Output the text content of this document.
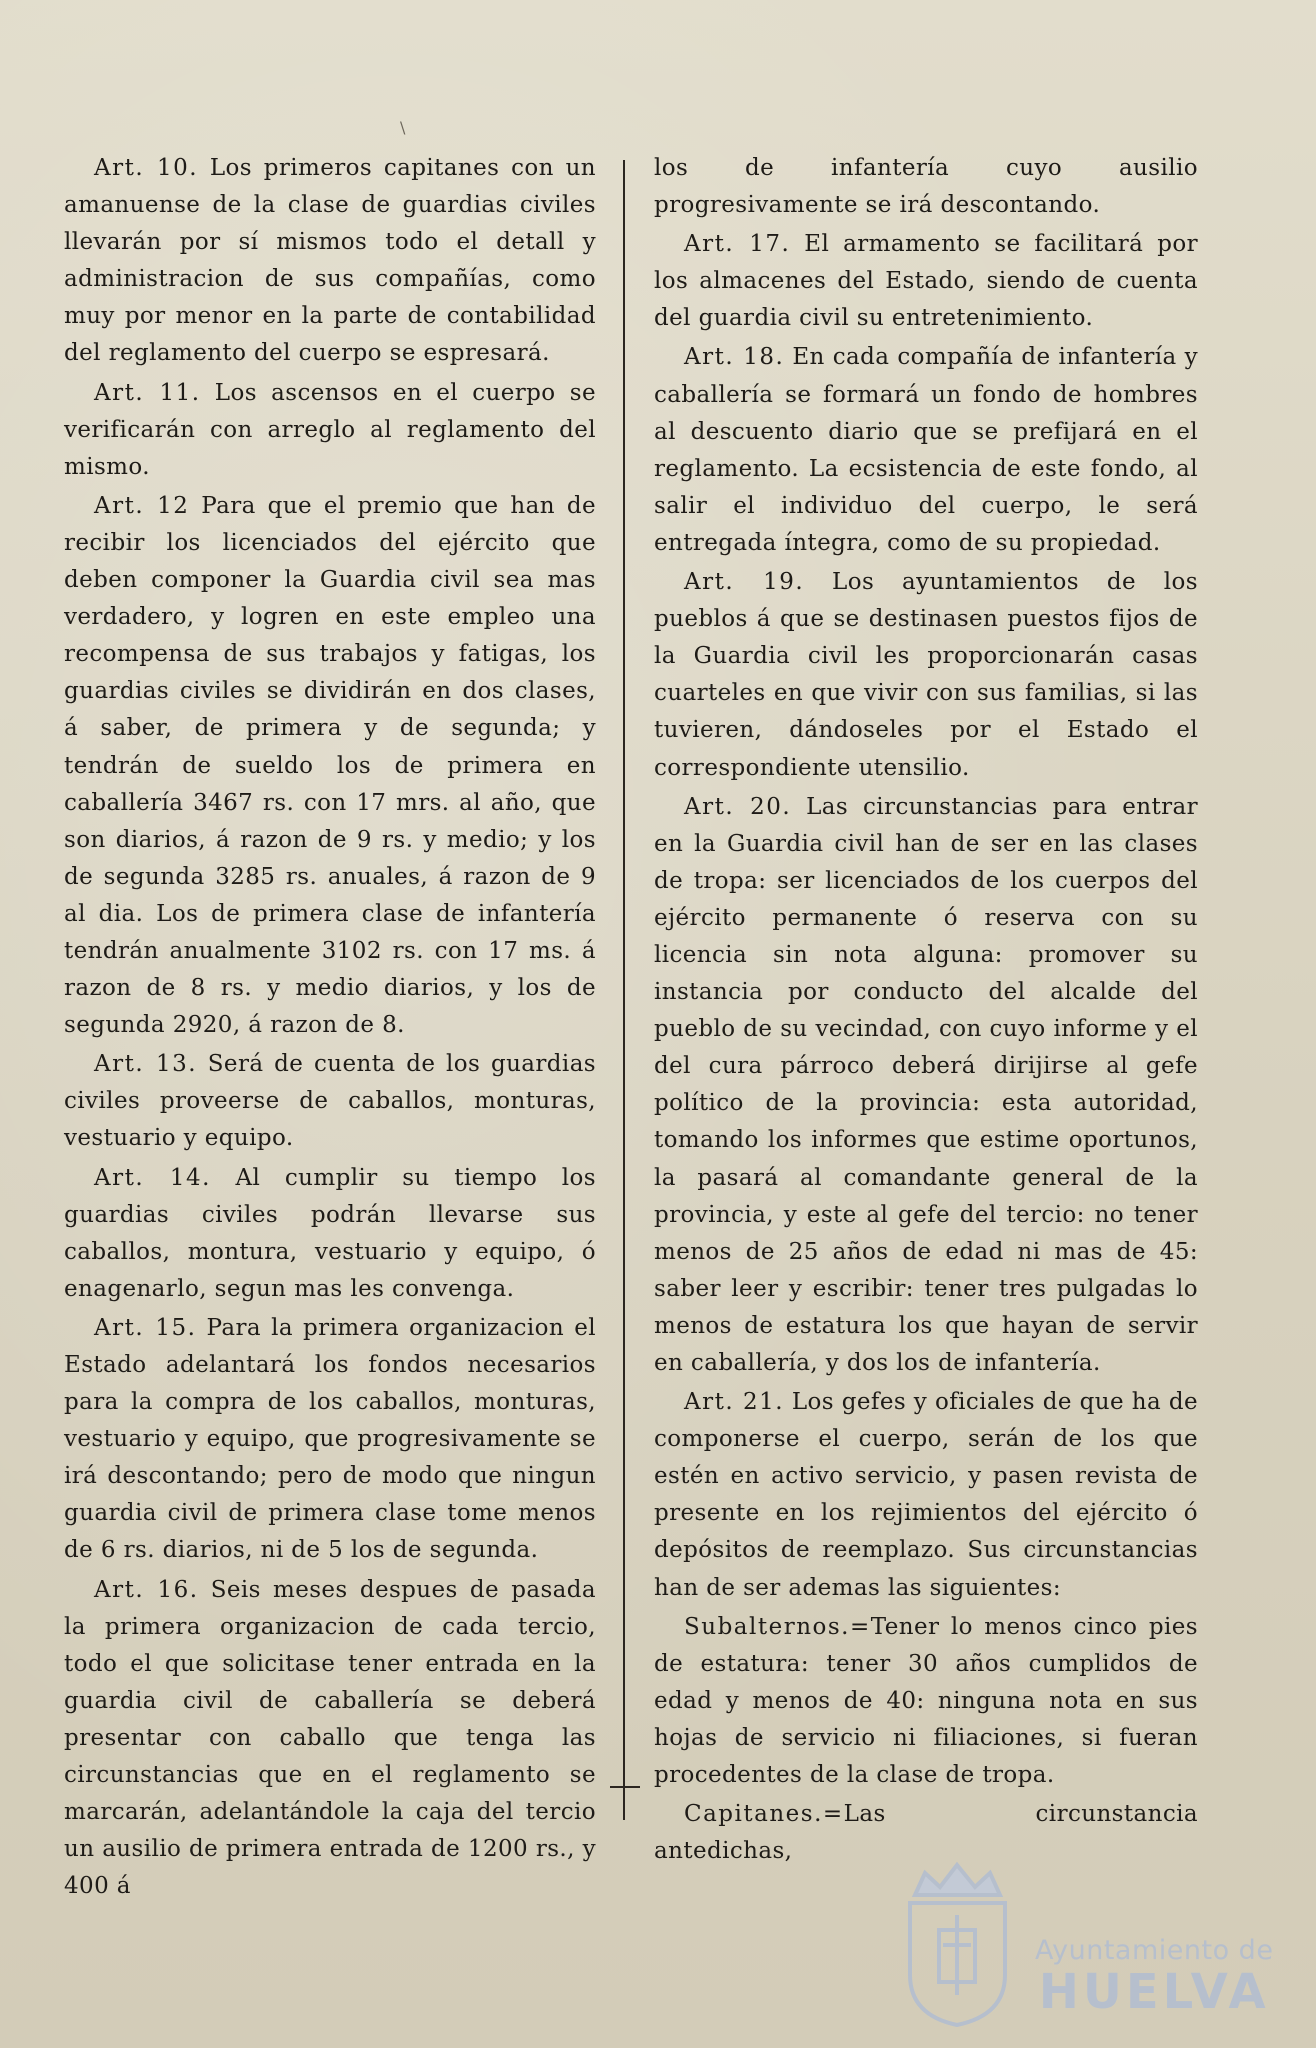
\

Art. 10. Los primeros capitanes con un amanuense de la clase de guardias civiles llevarán por sí mismos todo el detall y administracion de sus compañías, como muy por menor en la parte de contabilidad del reglamento del cuerpo se espresará.

Art. 11. Los ascensos en el cuerpo se verificarán con arreglo al reglamento del mismo.

Art. 12 Para que el premio que han de recibir los licenciados del ejército que deben componer la Guardia civil sea mas verdadero, y logren en este empleo una recompensa de sus trabajos y fatigas, los guardias civiles se dividirán en dos clases, á saber, de primera y de segunda; y tendrán de sueldo los de primera en caballería 3467 rs. con 17 mrs. al año, que son diarios, á razon de 9 rs. y medio; y los de segunda 3285 rs. anuales, á razon de 9 al dia. Los de primera clase de infantería tendrán anualmente 3102 rs. con 17 ms. á razon de 8 rs. y medio diarios, y los de segunda 2920, á razon de 8.

Art. 13. Será de cuenta de los guardias civiles proveerse de caballos, monturas, vestuario y equipo.

Art. 14. Al cumplir su tiempo los guardias civiles podrán llevarse sus caballos, montura, vestuario y equipo, ó enagenarlo, segun mas les convenga.

Art. 15. Para la primera organizacion el Estado adelantará los fondos necesarios para la compra de los caballos, monturas, vestuario y equipo, que progresivamente se irá descontando; pero de modo que ningun guardia civil de primera clase tome menos de 6 rs. diarios, ni de 5 los de segunda.

Art. 16. Seis meses despues de pasada la primera organizacion de cada tercio, todo el que solicitase tener entrada en la guardia civil de caballería se deberá presentar con caballo que tenga las circunstancias que en el reglamento se marcarán, adelantándole la caja del tercio un ausilio de primera entrada de 1200 rs., y 400 á

los de infantería cuyo ausilio progresivamente se irá descontando.

Art. 17. El armamento se facilitará por los almacenes del Estado, siendo de cuenta del guardia civil su entretenimiento.

Art. 18. En cada compañía de infantería y caballería se formará un fondo de hombres al descuento diario que se prefijará en el reglamento. La ecsistencia de este fondo, al salir el individuo del cuerpo, le será entregada íntegra, como de su propiedad.

Art. 19. Los ayuntamientos de los pueblos á que se destinasen puestos fijos de la Guardia civil les proporcionarán casas cuarteles en que vivir con sus familias, si las tuvieren, dándoseles por el Estado el correspondiente utensilio.

Art. 20. Las circunstancias para entrar en la Guardia civil han de ser en las clases de tropa: ser licenciados de los cuerpos del ejército permanente ó reserva con su licencia sin nota alguna: promover su instancia por conducto del alcalde del pueblo de su vecindad, con cuyo informe y el del cura párroco deberá dirijirse al gefe político de la provincia: esta autoridad, tomando los informes que estime oportunos, la pasará al comandante general de la provincia, y este al gefe del tercio: no tener menos de 25 años de edad ni mas de 45: saber leer y escribir: tener tres pulgadas lo menos de estatura los que hayan de servir en caballería, y dos los de infantería.

Art. 21. Los gefes y oficiales de que ha de componerse el cuerpo, serán de los que estén en activo servicio, y pasen revista de presente en los rejimientos del ejército ó depósitos de reemplazo. Sus circunstancias han de ser ademas las siguientes:

Subalternos.=Tener lo menos cinco pies de estatura: tener 30 años cumplidos de edad y menos de 40: ninguna nota en sus hojas de servicio ni filiaciones, si fueran procedentes de la clase de tropa.

Capitanes.=Las circunstancia antedichas,

Ayuntamiento de
HUELVA
